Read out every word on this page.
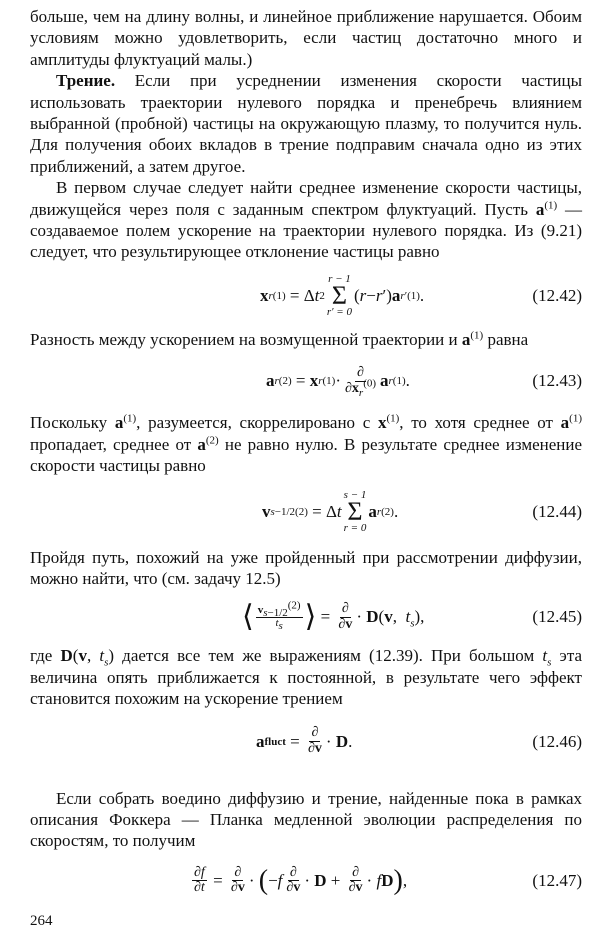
больше, чем на длину волны, и линейное приближение нарушается. Обоим условиям можно удовлетворить, если частиц достаточно много и амплитуды флуктуаций малы.)

Трение. Если при усреднении изменения скорости частицы использовать траектории нулевого порядка и пренебречь влиянием выбранной (пробной) частицы на окружающую плазму, то получится нуль. Для получения обоих вкладов в трение подправим сначала одно из этих приближений, а затем другое.

В первом случае следует найти среднее изменение скорости частицы, движущейся через поля с заданным спектром флуктуаций. Пусть $a^{(1)}$ — создаваемое полем ускорение на траектории нулевого порядка. Из (9.21) следует, что результирующее отклонение частицы равно

x r (1) = Δ t 2
r − 1
Σ
r′ = 0
( r − r ′) a r′ (1) .	(12.42)

Разность между ускорением на возмущенной траектории и $a^{(1)}$ равна

a r (2) = x r $(1) \cdot \frac{\partial}{\partial x_r^{(0)}}$ a r (1) .	(12.43)

Поскольку $a^{(1)}$, разумеется, скоррелировано с $x^{(1)}$, то хотя среднее от $a^{(1)}$ пропадает, среднее от $a^{(2)}$ не равно нулю. В результате среднее изменение скорости частицы равно

v s−1/2 (2) = Δ t
s − 1
Σ
r = 0
a r (2) .	(12.44)

Пройдя путь, похожий на уже пройденный при рассмотрении диффузии, можно найти, что (см. задачу 12.5)

⟨ $\frac{v_{s-1/2}^{(2)}}{t_s}$ ⟩ = $\frac{\partial}{\partial v} \cdot D$ ( v , $t_s$ ),	(12.45)

где D(v, $t_s$) дается все тем же выражениям (12.39). При большом $t_s$ эта величина опять приближается к постоянной, в результате чего эффект становится похожим на ускорение трением

a fluct = $\frac{\partial}{\partial v} \cdot D$ .	(12.46)

Если собрать воедино диффузию и трение, найденные пока в рамках описания Фоккера — Планка медленной эволюции распределения по скоростям, то получим

$\frac{\partial f}{\partial t} = \frac{\partial}{\partial v}$ · ( − f $\frac{\partial}{\partial v} \cdot D + \frac{\partial}{\partial v} \cdot f$ D ) ,	(12.47)
264
